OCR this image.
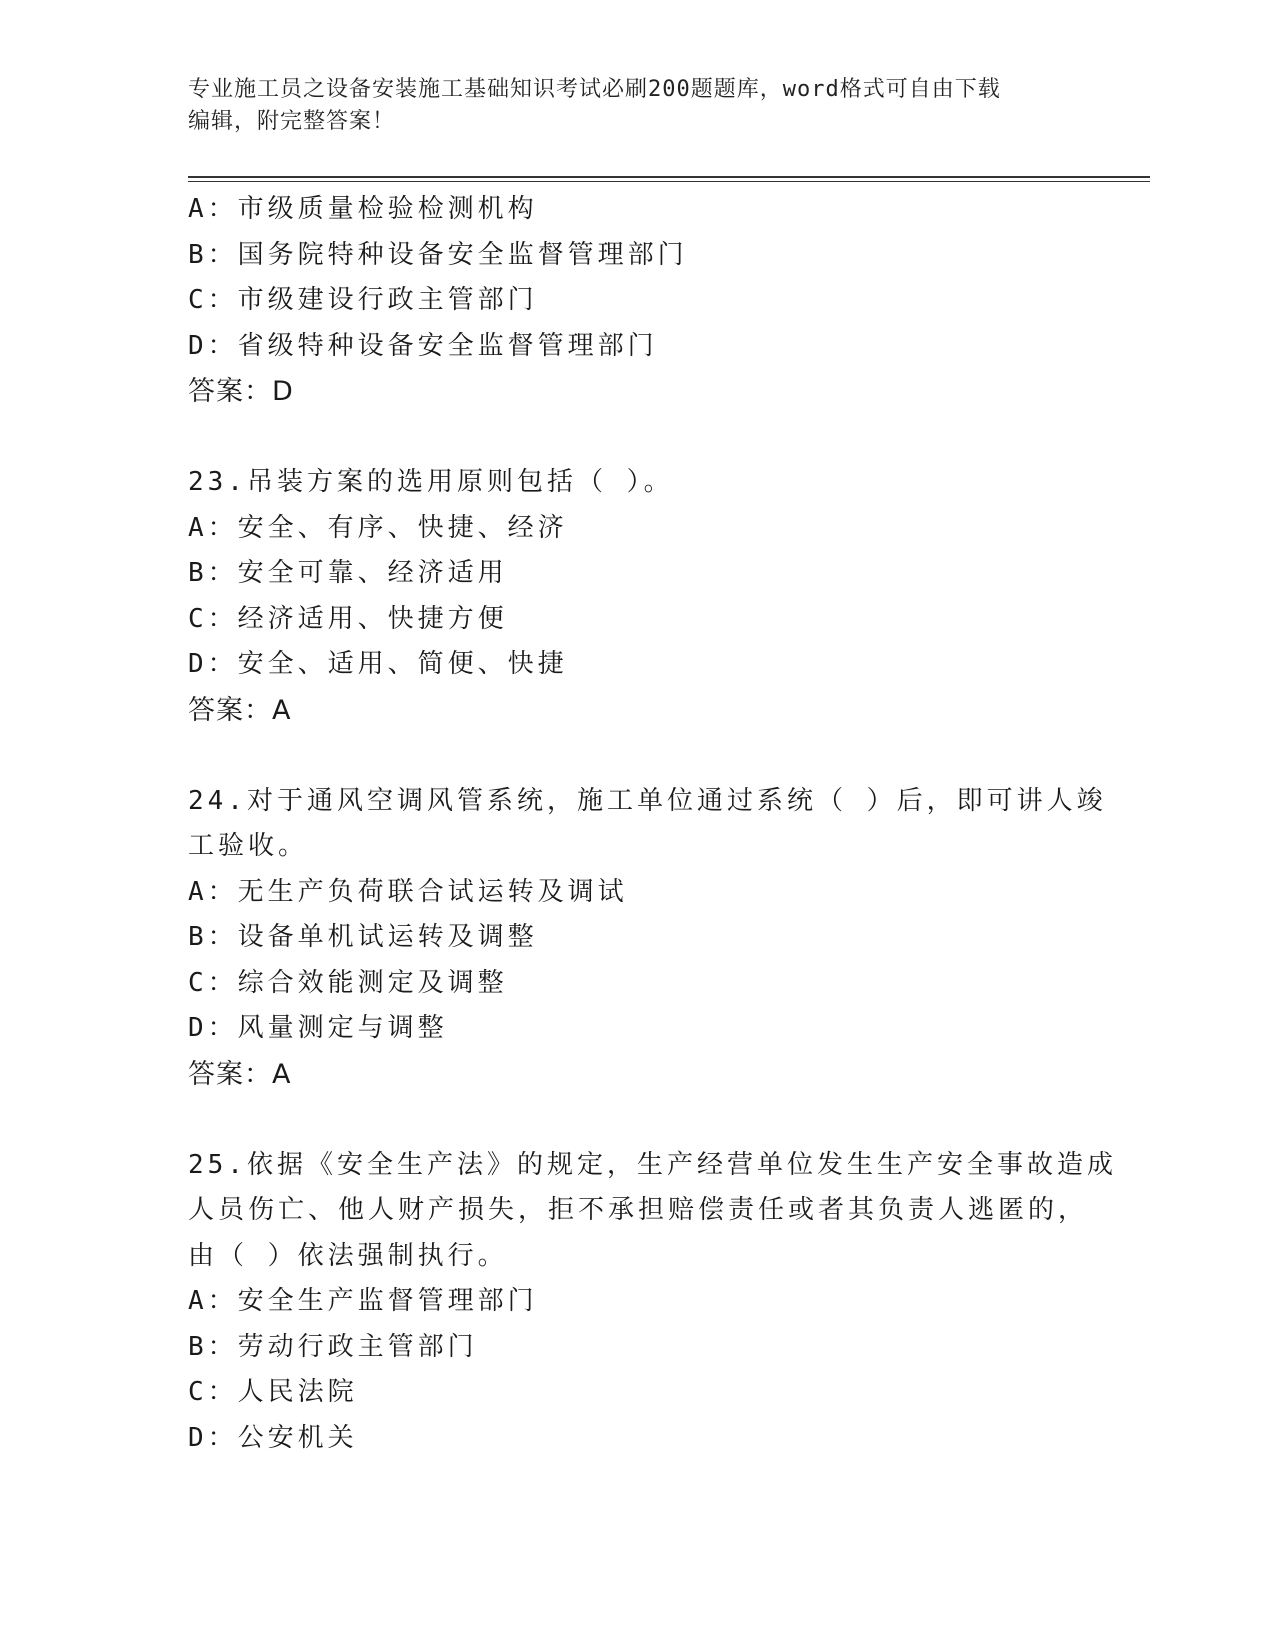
专业施工员之设备安装施工基础知识考试必刷200题题库，word格式可自由下载
编辑，附完整答案！
A：市级质量检验检测机构
B：国务院特种设备安全监督管理部门
C：市级建设行政主管部门
D：省级特种设备安全监督管理部门
答案：D
23.吊装方案的选用原则包括（ ）。
A：安全、有序、快捷、经济
B：安全可靠、经济适用
C：经济适用、快捷方便
D：安全、适用、简便、快捷
答案：A
24.对于通风空调风管系统，施工单位通过系统（ ）后，即可讲人竣
工验收。
A：无生产负荷联合试运转及调试
B：设备单机试运转及调整
C：综合效能测定及调整
D：风量测定与调整
答案：A
25.依据《安全生产法》的规定，生产经营单位发生生产安全事故造成
人员伤亡、他人财产损失，拒不承担赔偿责任或者其负责人逃匿的，
由（ ）依法强制执行。
A：安全生产监督管理部门
B：劳动行政主管部门
C：人民法院
D：公安机关
